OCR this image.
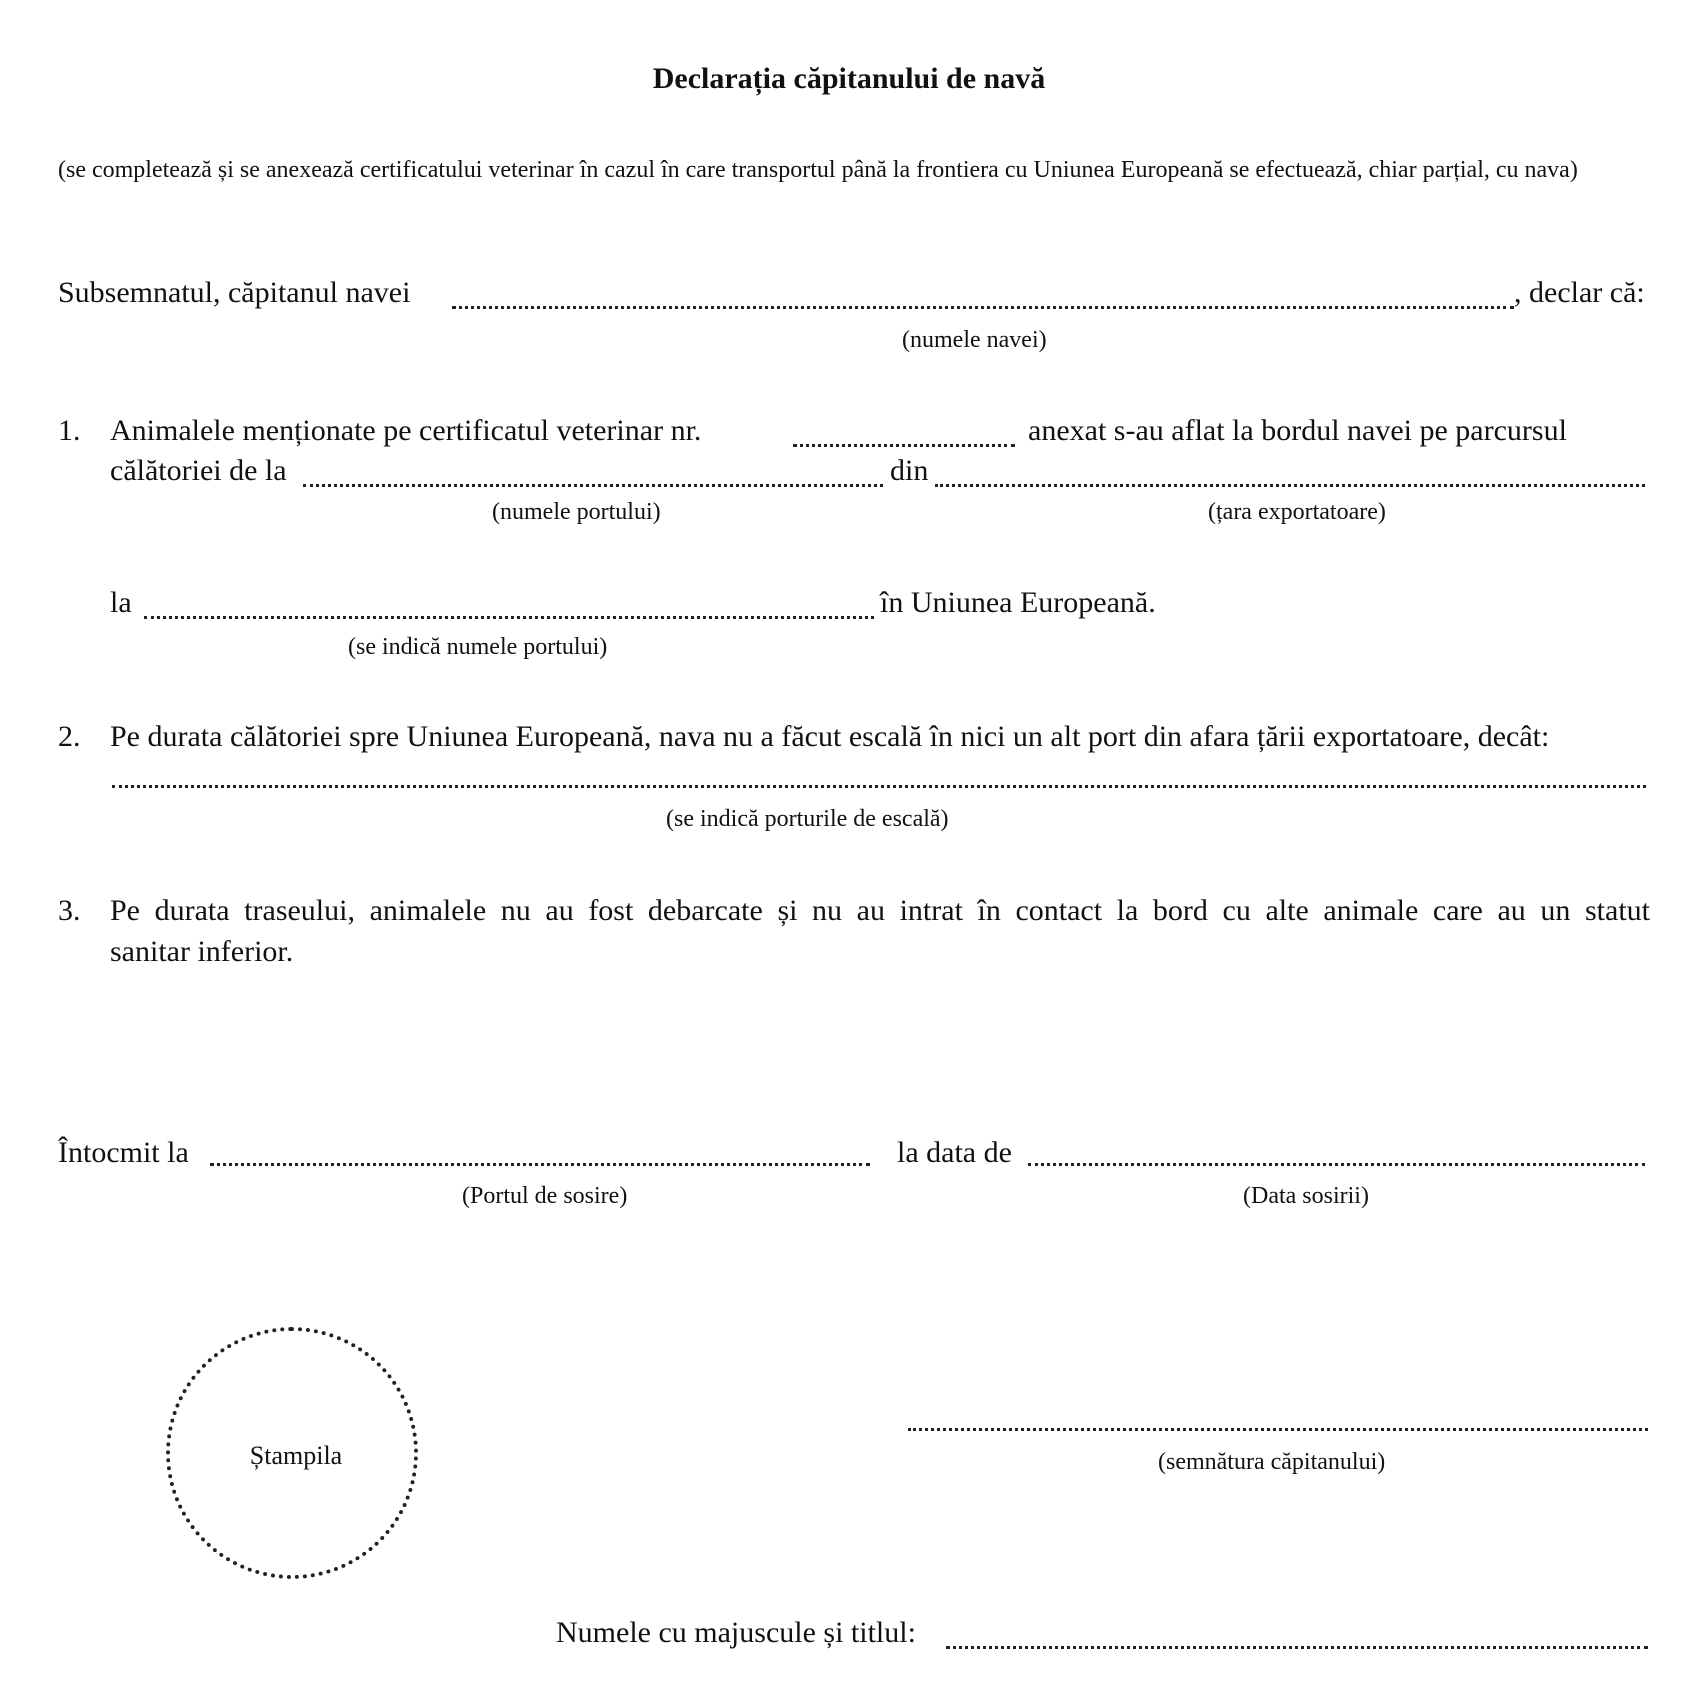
Declarația căpitanului de navă
(se completează și se anexează certificatului veterinar în cazul în care transportul până la frontiera cu Uniunea Europeană se efectuează, chiar parțial, cu nava)
Subsemnatul, căpitanul navei	, declar că:
(numele navei)
1. Animalele menționate pe certificatul veterinar nr.	anexat s-au aflat la bordul navei pe parcursul
călătoriei de la	din
(numele portului)	(țara exportatoare)
la	în Uniunea Europeană.
(se indică numele portului)
2. Pe durata călătoriei spre Uniunea Europeană, nava nu a făcut escală în nici un alt port din afara țării exportatoare, decât:
(se indică porturile de escală)
3. Pe durata traseului, animalele nu au fost debarcate și nu au intrat în contact la bord cu alte animale care au un statut
sanitar inferior.
Întocmit la	la data de
(Portul de sosire)	(Data sosirii)
Ștampila	(semnătura căpitanului)
Numele cu majuscule și titlul:
